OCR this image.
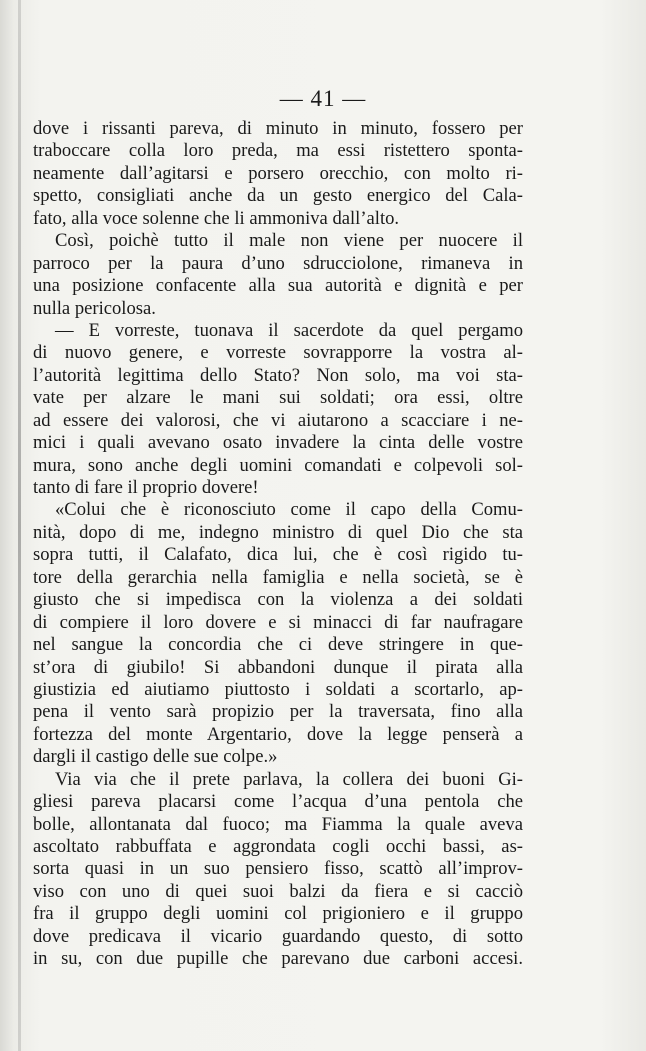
— 41 —
dove i rissanti pareva, di minuto in minuto, fossero per
traboccare colla loro preda, ma essi ristettero sponta-
neamente dall’agitarsi e porsero orecchio, con molto ri-
spetto, consigliati anche da un gesto energico del Cala-
fato, alla voce solenne che li ammoniva dall’alto.
Così, poichè tutto il male non viene per nuocere il
parroco per la paura d’uno sdrucciolone, rimaneva in
una posizione confacente alla sua autorità e dignità e per
nulla pericolosa.
— E vorreste, tuonava il sacerdote da quel pergamo
di nuovo genere, e vorreste sovrapporre la vostra al-
l’autorità legittima dello Stato? Non solo, ma voi sta-
vate per alzare le mani sui soldati; ora essi, oltre
ad essere dei valorosi, che vi aiutarono a scacciare i ne-
mici i quali avevano osato invadere la cinta delle vostre
mura, sono anche degli uomini comandati e colpevoli sol-
tanto di fare il proprio dovere!
«Colui che è riconosciuto come il capo della Comu-
nità, dopo di me, indegno ministro di quel Dio che sta
sopra tutti, il Calafato, dica lui, che è così rigido tu-
tore della gerarchia nella famiglia e nella società, se è
giusto che si impedisca con la violenza a dei soldati
di compiere il loro dovere e si minacci di far naufragare
nel sangue la concordia che ci deve stringere in que-
st’ora di giubilo! Si abbandoni dunque il pirata alla
giustizia ed aiutiamo piuttosto i soldati a scortarlo, ap-
pena il vento sarà propizio per la traversata, fino alla
fortezza del monte Argentario, dove la legge penserà a
dargli il castigo delle sue colpe.»
Via via che il prete parlava, la collera dei buoni Gi-
gliesi pareva placarsi come l’acqua d’una pentola che
bolle, allontanata dal fuoco; ma Fiamma la quale aveva
ascoltato rabbuffata e aggrondata cogli occhi bassi, as-
sorta quasi in un suo pensiero fisso, scattò all’improv-
viso con uno di quei suoi balzi da fiera e si cacciò
fra il gruppo degli uomini col prigioniero e il gruppo
dove predicava il vicario guardando questo, di sotto
in su, con due pupille che parevano due carboni accesi.
